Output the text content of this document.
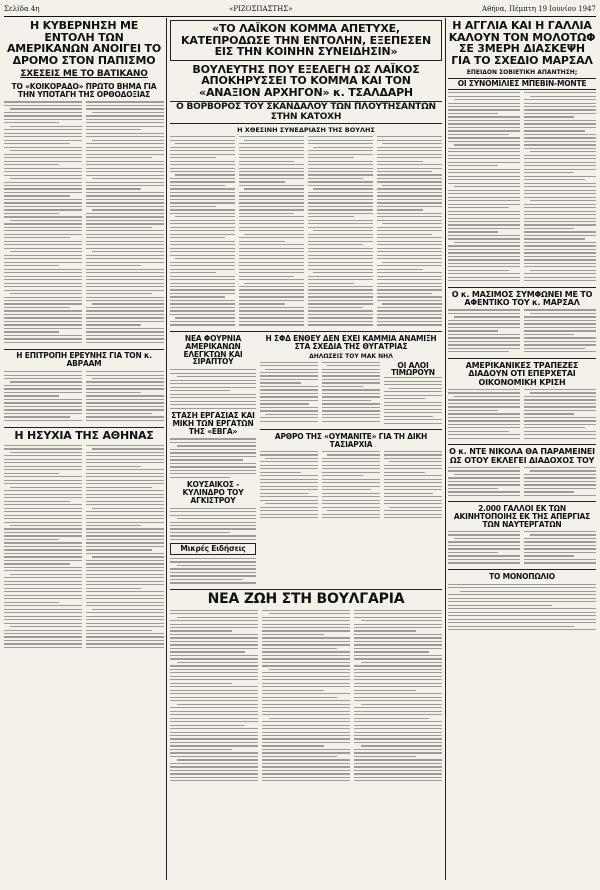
Σελίδα 4η	«ΡΙΖΟΣΠΑΣΤΗΣ»	Αθήνα, Πέμπτη 19 Ιουνίου 1947

Η ΚΥΒΕΡΝΗΣΗ ΜΕ ΕΝΤΟΛΗ ΤΩΝ ΑΜΕΡΙΚΑΝΩΝ ΑΝΟΙΓΕΙ ΤΟ ΔΡΟΜΟ ΣΤΟΝ ΠΑΠΙΣΜΟ

ΣΧΕΣΕΙΣ ΜΕ ΤΟ ΒΑΤΙΚΑΝΟ

ΤΟ «ΚΟΙΚΟΡΑΔΟ» ΠΡΩΤΟ ΒΗΜΑ ΓΙΑ ΤΗΝ ΥΠΟΤΑΓΗ ΤΗΣ ΟΡΘΟΔΟΞΙΑΣ

Η ΕΠΙΤΡΟΠΗ ΕΡΕΥΝΗΣ ΓΙΑ ΤΟΝ κ. ΑΒΡΑΑΜ

Η ΗΣΥΧΙΑ ΤΗΣ ΑΘΗΝΑΣ

«ΤΟ ΛΑΪΚΟΝ ΚΟΜΜΑ ΑΠΕΤΥΧΕ, ΚΑΤΕΠΡΟΔΩΣΕ ΤΗΝ ΕΝΤΟΛΗΝ, ΕΞΕΠΕΣΕΝ ΕΙΣ ΤΗΝ ΚΟΙΝΗΝ ΣΥΝΕΙΔΗΣΙΝ»

ΒΟΥΛΕΥΤΗΣ ΠΟΥ ΕΞΕΛΕΓΗ ΩΣ ΛΑΪΚΟΣ ΑΠΟΚΗΡΥΣΣΕΙ ΤΟ ΚΟΜΜΑ ΚΑΙ ΤΟΝ «ΑΝΑΞΙΟΝ ΑΡΧΗΓΟΝ» κ. ΤΣΑΛΔΑΡΗ

Ο ΒΟΡΒΟΡΟΣ ΤΟΥ ΣΚΑΝΔΑΛΟΥ ΤΩΝ ΠΛΟΥΤΗΣΑΝΤΩΝ ΣΤΗΝ ΚΑΤΟΧΗ

Η ΧΘΕΣΙΝΗ ΣΥΝΕΔΡΙΑΣΗ ΤΗΣ ΒΟΥΛΗΣ

ΝΕΑ ΦΟΥΡΝΙΑ ΑΜΕΡΙΚΑΝΩΝ ΕΛΕΓΚΤΩΝ ΚΑΙ ΣΙΡΑΠΤΟΥ

ΣΤΑΣΗ ΕΡΓΑΣΙΑΣ ΚΑΙ ΜΙΚΗ ΤΩΝ ΕΡΓΑΤΩΝ ΤΗΣ «ΕΒΓΑ»

ΚΟΥΣΑΙΚΟΣ - ΚΥΛΙΝΔΡΟ ΤΟΥ ΑΓΚΙΣΤΡΟΥ

Μικρές Ειδήσεις

Η ΣΦΔ ΕΝΘΕΥ ΔΕΝ ΕΧΕΙ ΚΑΜΜΙΑ ΑΝΑΜΙΞΗ ΣΤΑ ΣΧΕΔΙΑ ΤΗΣ ΘΥΓΑΤΡΙΑΣ

ΔΗΛΩΣΕΙΣ ΤΟΥ ΜΑΚ ΝΗΛ

ΟΙ ΑΛΟΙ ΤΙΜΩΡΟΥΝ

ΑΡΘΡΟ ΤΗΣ «ΟΥΜΑΝΙΤΕ» ΓΙΑ ΤΗ ΔΙΚΗ ΤΑΣΙΑΡΧΙΑ

ΝΕΑ ΖΩΗ ΣΤΗ ΒΟΥΛΓΑΡΙΑ

Η ΑΓΓΛΙΑ ΚΑΙ Η ΓΑΛΛΙΑ ΚΑΛΟΥΝ ΤΟΝ ΜΟΛΟΤΩΦ ΣΕ 3ΜΕΡΗ ΔΙΑΣΚΕΨΗ ΓΙΑ ΤΟ ΣΧΕΔΙΟ ΜΑΡΣΑΛ

ΕΠΕΙΔΟΝ ΣΟΒΙΕΤΙΚΗ ΑΠΑΝΤΗΣΗ;

ΟΙ ΣΥΝΟΜΙΛΙΕΣ ΜΠΕΒΙΝ-ΜΟΝΤΕ

Ο κ. ΜΑΣΙΜΟΣ ΣΥΜΦΩΝΕΙ ΜΕ ΤΟ ΑΦΕΝΤΙΚΟ ΤΟΥ κ. ΜΑΡΣΑΛ

ΑΜΕΡΙΚΑΝΙΚΕΣ ΤΡΑΠΕΖΕΣ ΔΙΑΔΟΥΝ ΟΤΙ ΕΠΕΡΧΕΤΑΙ ΟΙΚΟΝΟΜΙΚΗ ΚΡΙΣΗ

Ο κ. ΝΤΕ ΝΙΚΟΛΑ ΘΑ ΠΑΡΑΜΕΙΝΕΙ ΩΣ ΟΤΟΥ ΕΚΛΕΓΕΙ ΔΙΑΔΟΧΟΣ ΤΟΥ

2.000 ΓΑΛΛΟΙ ΕΚ ΤΩΝ ΑΚΙΝΗΤΟΠΟΙΗΣ ΕΚ ΤΗΣ ΑΠΕΡΓΙΑΣ ΤΩΝ ΝΑΥΤΕΡΓΑΤΩΝ

ΤΟ ΜΟΝΟΠΩΛΙΟ
